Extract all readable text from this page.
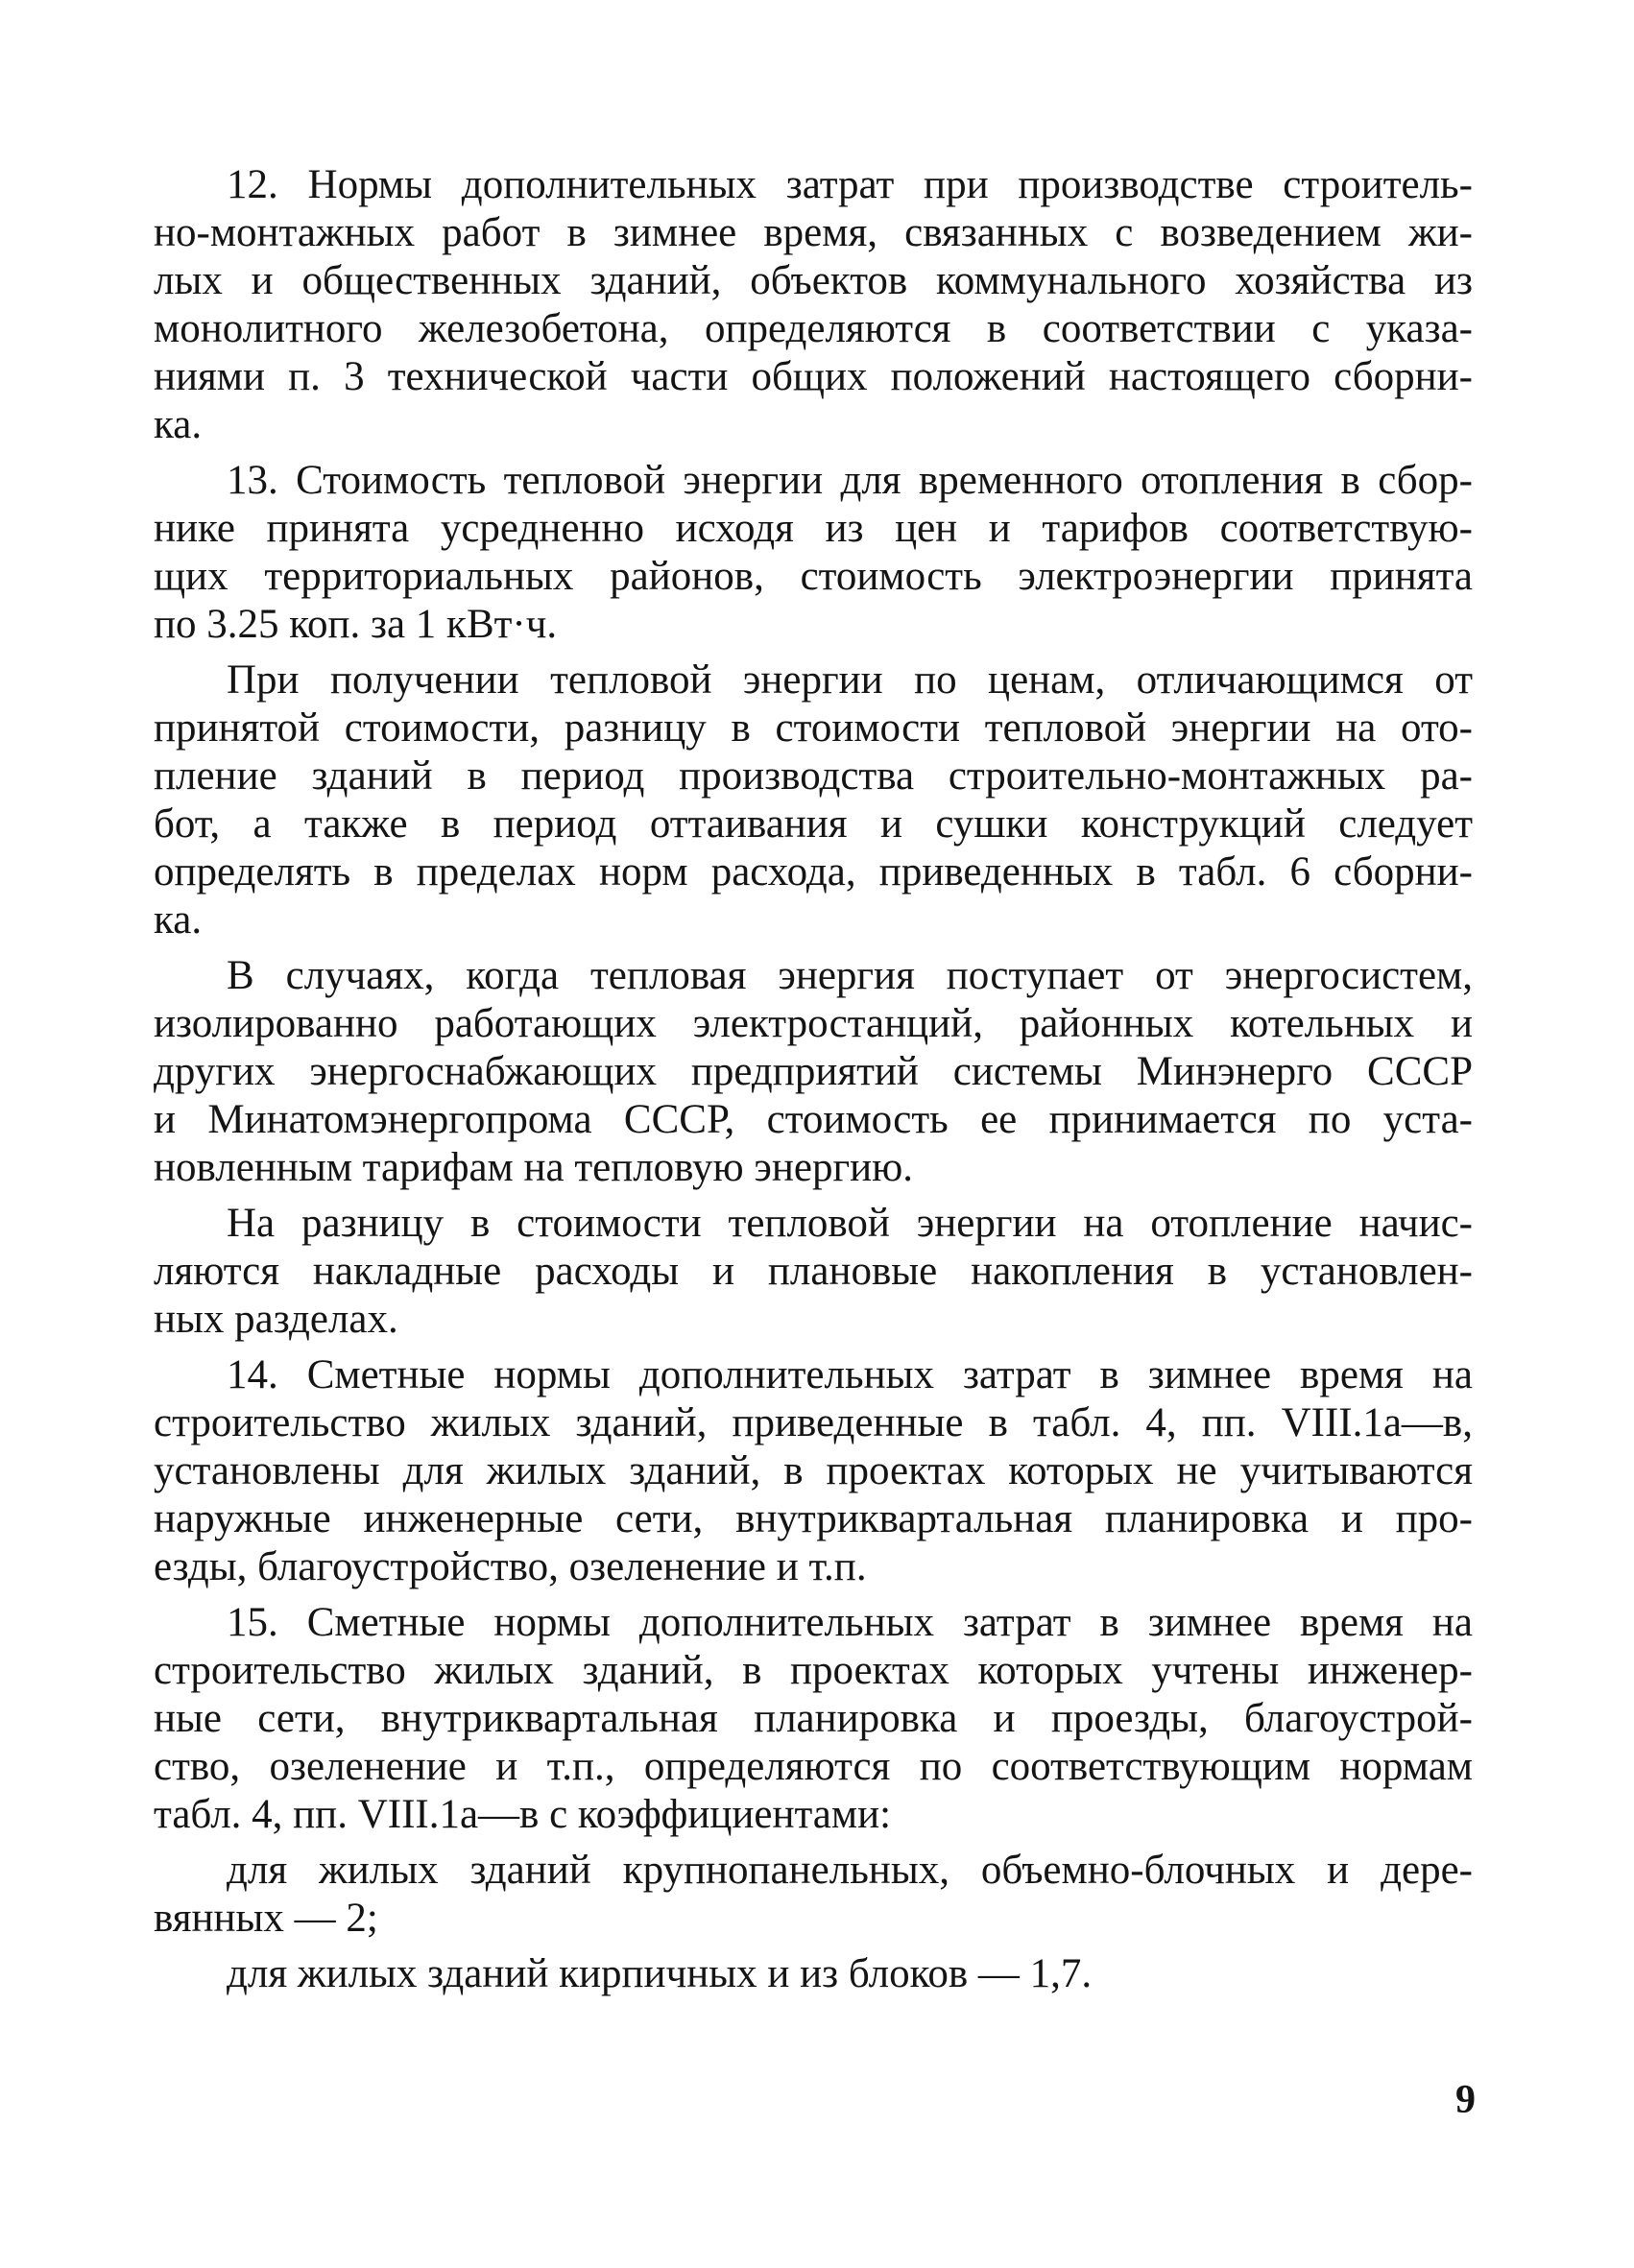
12. Нормы дополнительных затрат при производстве строитель-
но-монтажных работ в зимнее время, связанных с возведением жи-
лых и общественных зданий, объектов коммунального хозяйства из
монолитного железобетона, определяются в соответствии с указа-
ниями п. 3 технической части общих положений настоящего сборни-
ка.

13. Стоимость тепловой энергии для временного отопления в сбор-
нике принята усредненно исходя из цен и тарифов соответствую-
щих территориальных районов, стоимость электроэнергии принята
по 3.25 коп. за 1 кВт·ч.

При получении тепловой энергии по ценам, отличающимся от
принятой стоимости, разницу в стоимости тепловой энергии на ото-
пление зданий в период производства строительно-монтажных ра-
бот, а также в период оттаивания и сушки конструкций следует
определять в пределах норм расхода, приведенных в табл. 6 сборни-
ка.

В случаях, когда тепловая энергия поступает от энергосистем,
изолированно работающих электростанций, районных котельных и
других энергоснабжающих предприятий системы Минэнерго СССР
и Минатомэнергопрома СССР, стоимость ее принимается по уста-
новленным тарифам на тепловую энергию.

На разницу в стоимости тепловой энергии на отопление начис-
ляются накладные расходы и плановые накопления в установлен-
ных разделах.

14. Сметные нормы дополнительных затрат в зимнее время на
строительство жилых зданий, приведенные в табл. 4, пп. VIII.1а—в,
установлены для жилых зданий, в проектах которых не учитываются
наружные инженерные сети, внутриквартальная планировка и про-
езды, благоустройство, озеленение и т.п.

15. Сметные нормы дополнительных затрат в зимнее время на
строительство жилых зданий, в проектах которых учтены инженер-
ные сети, внутриквартальная планировка и проезды, благоустрой-
ство, озеленение и т.п., определяются по соответствующим нормам
табл. 4, пп. VIII.1а—в с коэффициентами:

для жилых зданий крупнопанельных, объемно-блочных и дере-
вянных — 2;

для жилых зданий кирпичных и из блоков — 1,7.

9
